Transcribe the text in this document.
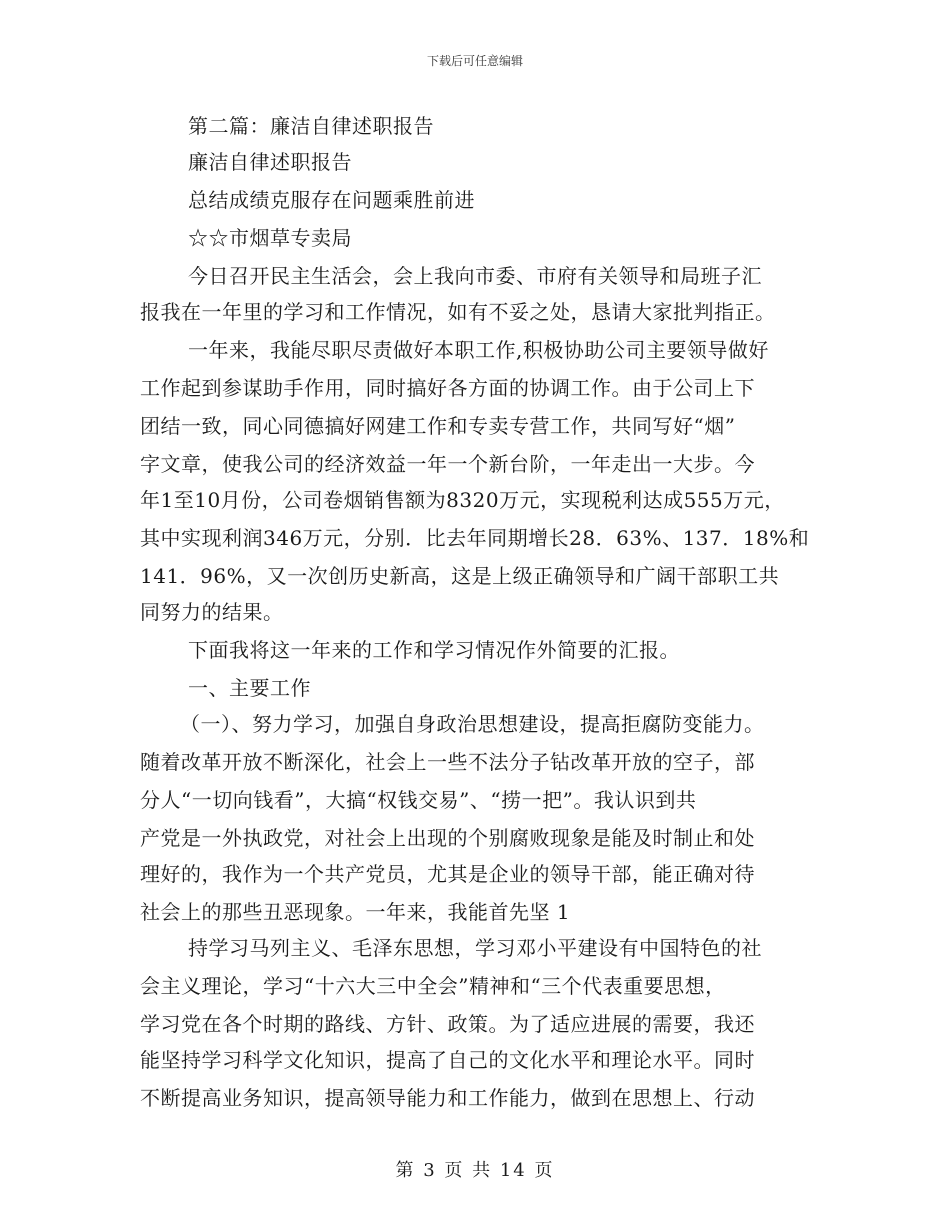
下载后可任意编辑
第二篇：廉洁自律述职报告
廉洁自律述职报告
总结成绩克服存在问题乘胜前进
☆☆市烟草专卖局
今日召开民主生活会，会上我向市委、市府有关领导和局班子汇
报我在一年里的学习和工作情况，如有不妥之处，恳请大家批判指正。
一年来，我能尽职尽责做好本职工作,积极协助公司主要领导做好
工作起到参谋助手作用，同时搞好各方面的协调工作。由于公司上下
团结一致，同心同德搞好网建工作和专卖专营工作，共同写好“烟”
字文章，使我公司的经济效益一年一个新台阶，一年走出一大步。今
年1至10月份，公司卷烟销售额为8320万元，实现税利达成555万元，
其中实现利润346万元，分别．比去年同期增长28．63%、137．18%和
141．96%，又一次创历史新高，这是上级正确领导和广阔干部职工共
同努力的结果。
下面我将这一年来的工作和学习情况作外简要的汇报。
一、主要工作
（一）、努力学习，加强自身政治思想建设，提高拒腐防变能力。
随着改革开放不断深化，社会上一些不法分子钻改革开放的空子，部
分人“一切向钱看”，大搞“权钱交易”、“捞一把”。我认识到共
产党是一外执政党，对社会上出现的个别腐败现象是能及时制止和处
理好的，我作为一个共产党员，尤其是企业的领导干部，能正确对待
社会上的那些丑恶现象。一年来，我能首先坚 1
持学习马列主义、毛泽东思想，学习邓小平建设有中国特色的社
会主义理论，学习“十六大三中全会”精神和“三个代表重要思想，
学习党在各个时期的路线、方针、政策。为了适应进展的需要，我还
能坚持学习科学文化知识，提高了自己的文化水平和理论水平。同时
不断提高业务知识，提高领导能力和工作能力，做到在思想上、行动
第 3 页 共 14 页
